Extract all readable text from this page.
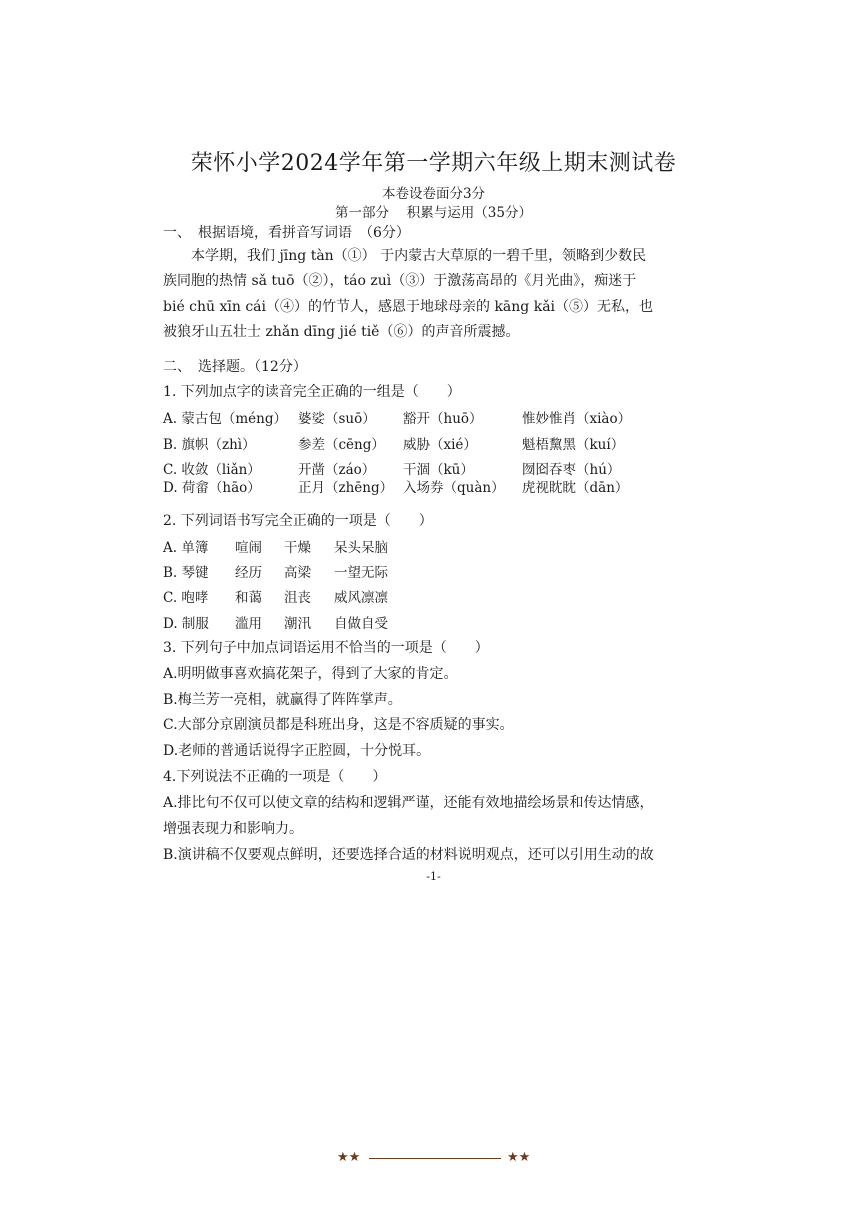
荣怀小学2024学年第一学期六年级上期末测试卷
本卷设卷面分3分
第一部分　 积累与运用（35分）
一、　根据语境，看拼音写词语　（6分）
　　本学期，我们 jīng tàn（①） 于内蒙古大草原的一碧千里，领略到少数民
族同胞的热情 sǎ tuō（②），táo zuì（③）于激荡高昂的《月光曲》，痴迷于
bié chū xīn cái（④）的竹节人，感恩于地球母亲的 kāng kǎi（⑤）无私，也
被狼牙山五壮士 zhǎn dīng jié tiě（⑥）的声音所震撼。
二、　选择题。（12分）
1. 下列加点字的读音完全正确的一组是（　　）
A. 蒙古包（méng） 婆娑（suō） 豁开（huō）	惟妙惟肖（xiào）
B. 旗帜（zhì）	参差（cēng） 威胁（xié）	魁梧黧黑（kuí）
C. 收敛（liǎn）	开凿（záo） 干涸（kū）	囫囵吞枣（hú）
D. 荷畲（hāo）	正月（zhēng） 入场券（quàn） 虎视眈眈（dān）
2. 下列词语书写完全正确的一项是（　　）
A. 单簿 喧闹 干燥 呆头呆脑
B. 琴键 经历 高梁 一望无际
C. 咆哮 和蔼 沮丧 威风凛凛
D. 制服 滥用 潮汛 自做自受
3. 下列句子中加点词语运用不恰当的一项是（　　）
A.明明做事喜欢搞花架子，得到了大家的肯定。
B.梅兰芳一亮相，就赢得了阵阵掌声。
C.大部分京剧演员都是科班出身，这是不容质疑的事实。
D.老师的普通话说得字正腔圆，十分悦耳。
4.下列说法不正确的一项是（　　）
A.排比句不仅可以使文章的结构和逻辑严谨，还能有效地描绘场景和传达情感，
增强表现力和影响力。
B.演讲稿不仅要观点鲜明，还要选择合适的材料说明观点，还可以引用生动的故
-1-
★★	★★
